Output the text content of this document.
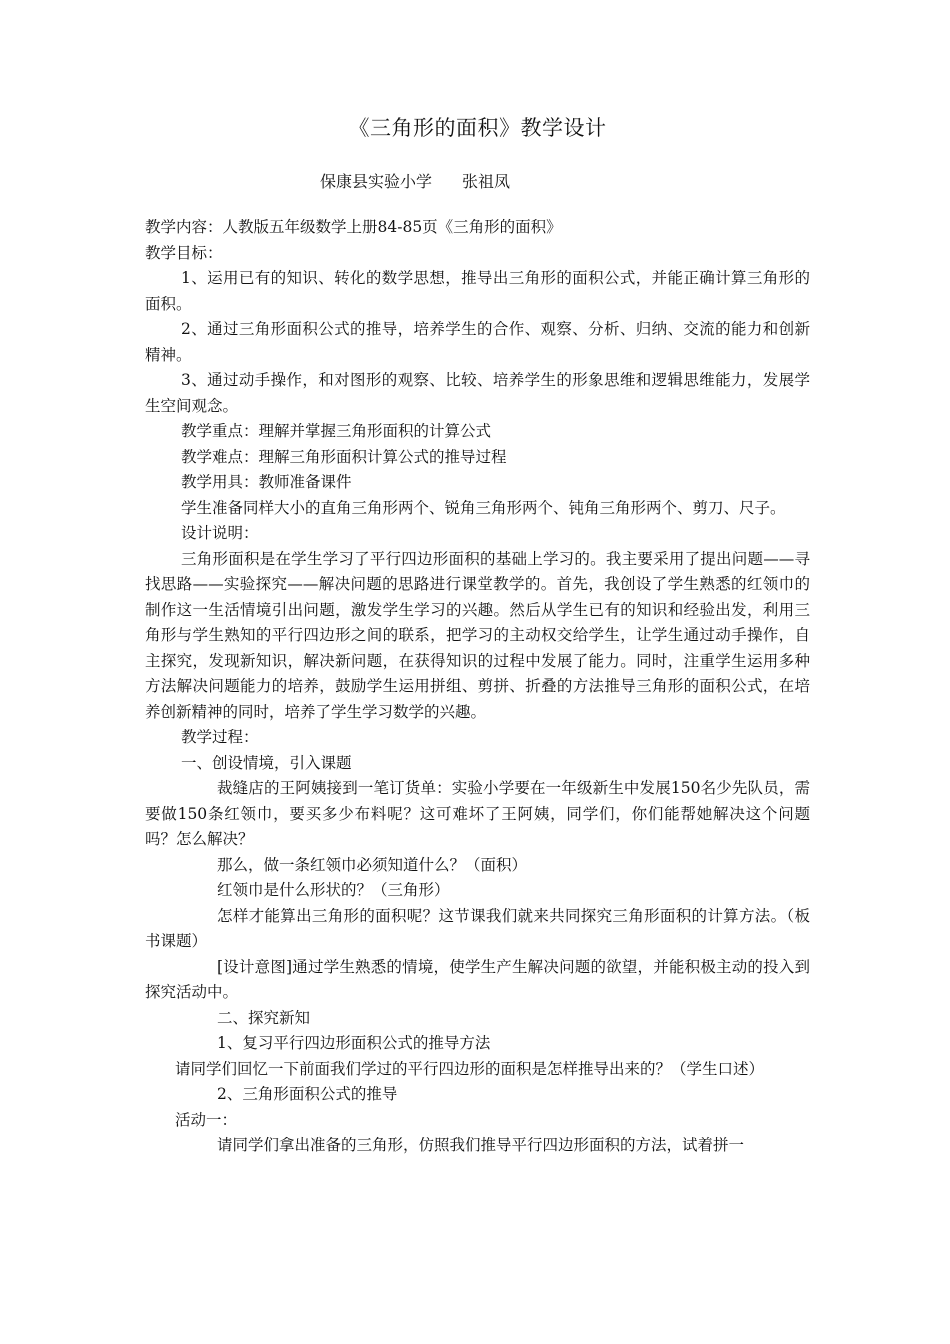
《三角形的面积》教学设计
保康县实验小学 张祖凤

教学内容：人教版五年级数学上册84-85页《三角形的面积》

教学目标：

1、运用已有的知识、转化的数学思想，推导出三角形的面积公式，并能正确计算三角形的面积。

2、通过三角形面积公式的推导，培养学生的合作、观察、分析、归纳、交流的能力和创新精神。

3、通过动手操作，和对图形的观察、比较、培养学生的形象思维和逻辑思维能力，发展学生空间观念。

教学重点：理解并掌握三角形面积的计算公式

教学难点：理解三角形面积计算公式的推导过程

教学用具：教师准备课件

学生准备同样大小的直角三角形两个、锐角三角形两个、钝角三角形两个、剪刀、尺子。

设计说明：

三角形面积是在学生学习了平行四边形面积的基础上学习的。我主要采用了提出问题——寻找思路——实验探究——解决问题的思路进行课堂教学的。首先，我创设了学生熟悉的红领巾的制作这一生活情境引出问题，激发学生学习的兴趣。然后从学生已有的知识和经验出发，利用三角形与学生熟知的平行四边形之间的联系，把学习的主动权交给学生，让学生通过动手操作，自主探究，发现新知识，解决新问题，在获得知识的过程中发展了能力。同时，注重学生运用多种方法解决问题能力的培养，鼓励学生运用拼组、剪拼、折叠的方法推导三角形的面积公式，在培养创新精神的同时，培养了学生学习数学的兴趣。

教学过程：

一、创设情境，引入课题

裁缝店的王阿姨接到一笔订货单：实验小学要在一年级新生中发展150名少先队员，需要做150条红领巾，要买多少布料呢？这可难坏了王阿姨，同学们，你们能帮她解决这个问题吗？怎么解决？

那么，做一条红领巾必须知道什么？（面积）

红领巾是什么形状的？（三角形）

怎样才能算出三角形的面积呢？这节课我们就来共同探究三角形面积的计算方法。（板书课题）

[设计意图]通过学生熟悉的情境，使学生产生解决问题的欲望，并能积极主动的投入到探究活动中。

二、探究新知

1、复习平行四边形面积公式的推导方法

请同学们回忆一下前面我们学过的平行四边形的面积是怎样推导出来的？（学生口述）

2、三角形面积公式的推导

活动一：

请同学们拿出准备的三角形，仿照我们推导平行四边形面积的方法，试着拼一
